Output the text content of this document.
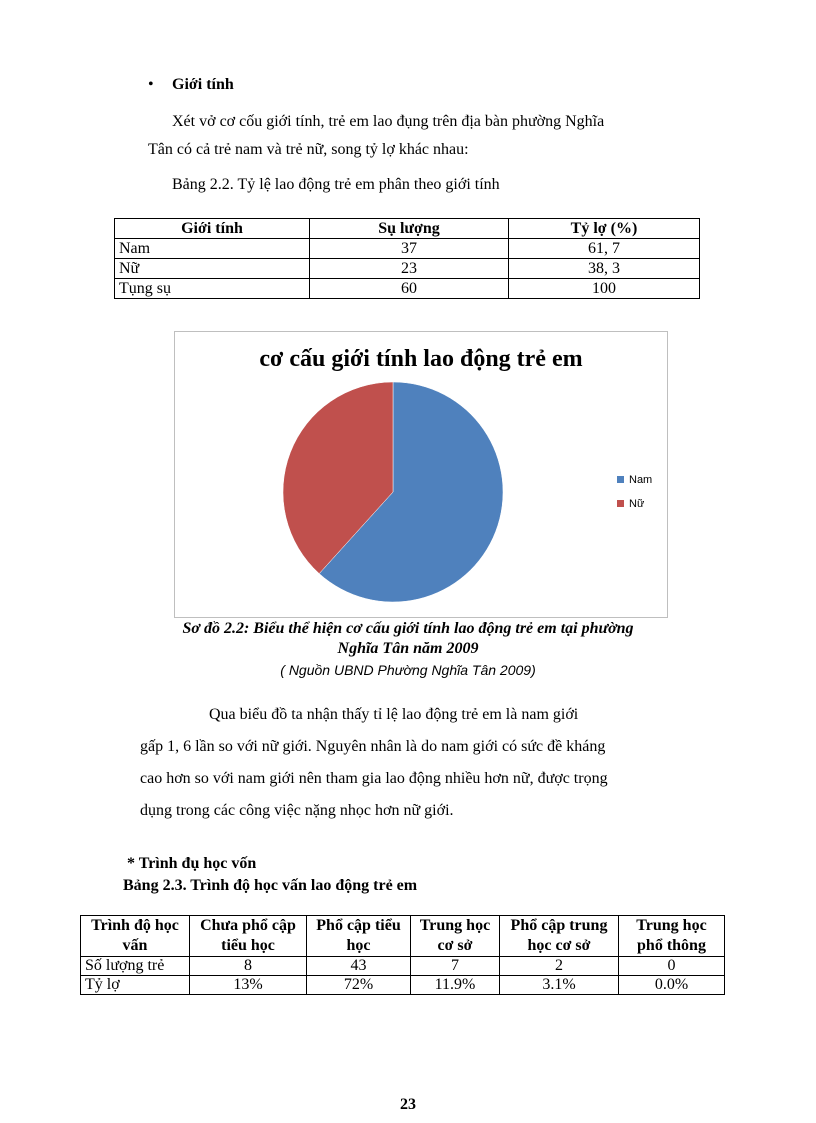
• Giới tính
Xét vở cơ cốu giới tính, trẻ em lao đụng trên địa bàn phường Nghĩa
Tân có cả trẻ nam và trẻ nữ, song tỷ lợ khác nhau:
Bảng 2.2. Tỷ lệ lao động trẻ em phân theo giới tính
Giới tính	Sụ lượng	Tỷ lợ (%)
Nam	37	61, 7
Nữ	23	38, 3
Tụng sụ	60	100
cơ cấu giới tính lao động trẻ em
Nam
Nữ
Sơ đồ 2.2: Biểu thể hiện cơ cấu giới tính lao động trẻ em tại phường
Nghĩa Tân năm 2009
( Nguồn UBND Phường Nghĩa Tân 2009)
Qua biểu đồ ta nhận thấy tỉ lệ lao động trẻ em là nam giới
gấp 1, 6 lần so với nữ giới. Nguyên nhân là do nam giới có sức đề kháng
cao hơn so với nam giới nên tham gia lao động nhiều hơn nữ, được trọng
dụng trong các công việc nặng nhọc hơn nữ giới.
* Trình đụ học vốn
Bảng 2.3. Trình độ học vấn lao động trẻ em
Trình độ học vấn	Chưa phổ cập tiểu học	Phổ cập tiểu học	Trung học cơ sở	Phổ cập trung học cơ sở	Trung học phổ thông
Số lượng trẻ	8	43	7	2	0
Tỷ lợ	13%	72%	11.9%	3.1%	0.0%
23
